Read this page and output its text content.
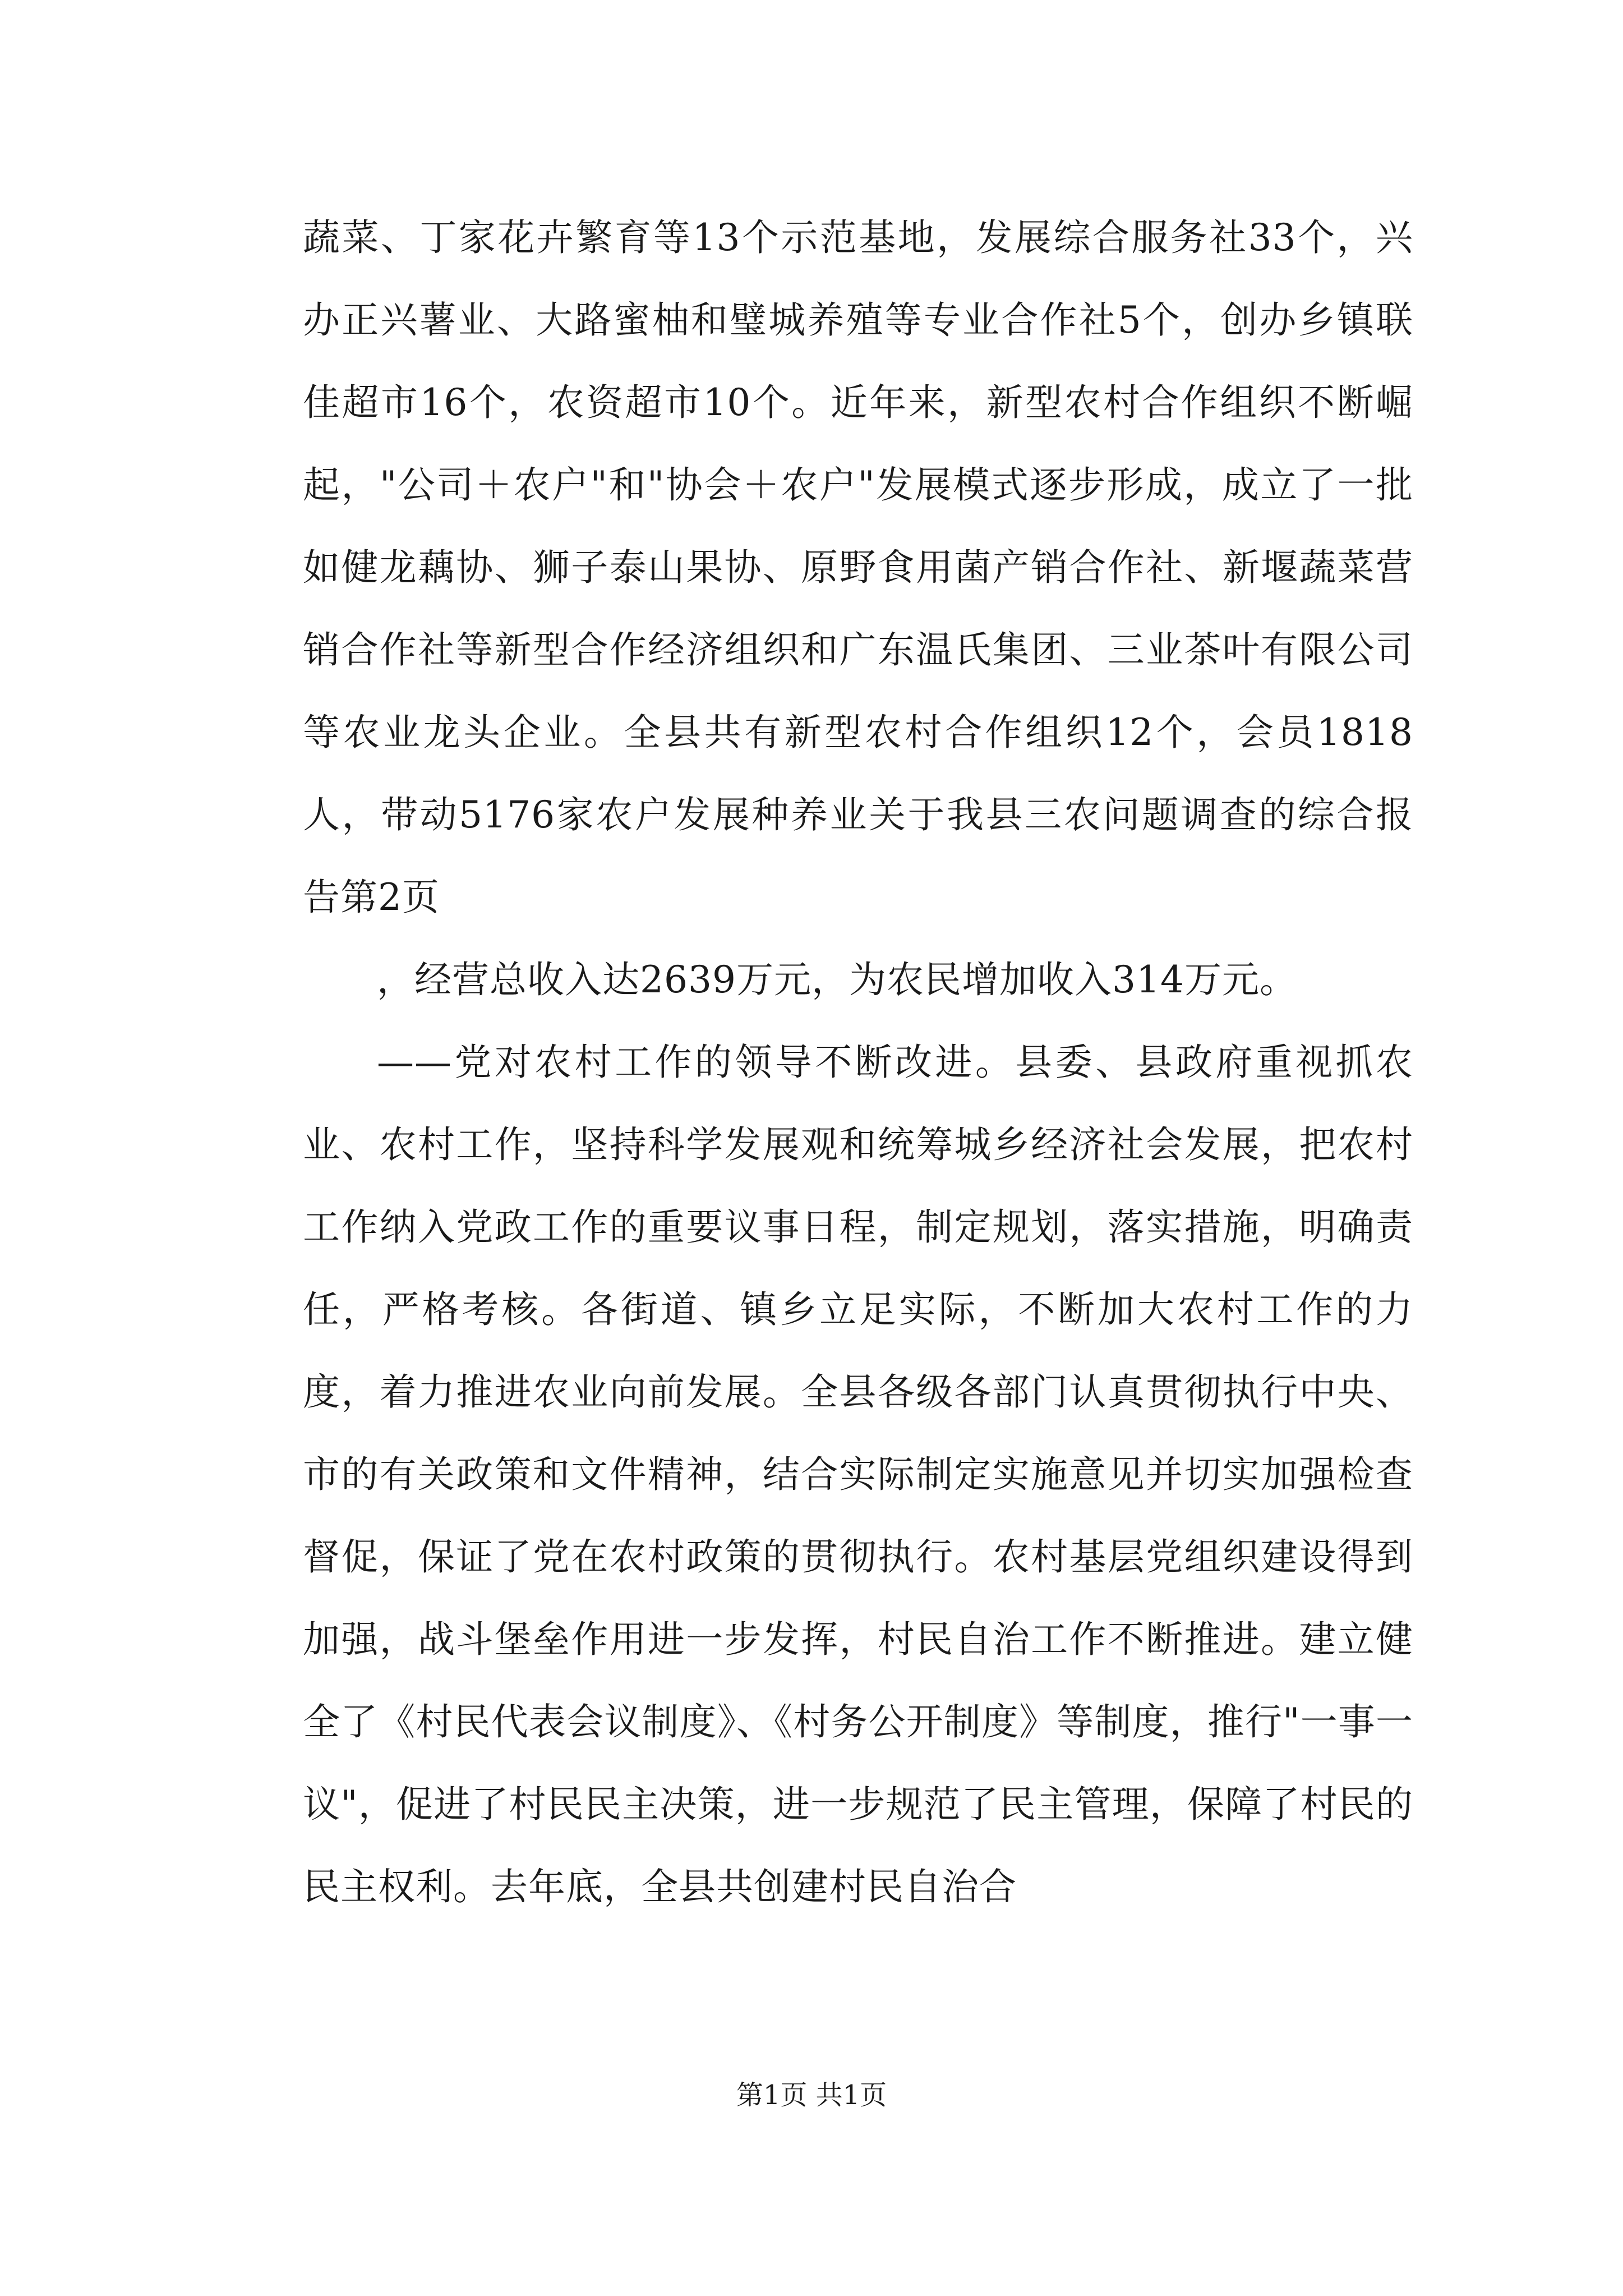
蔬菜、丁家花卉繁育等13个示范基地，发展综合服务社33个，兴办正兴薯业、大路蜜柚和璧城养殖等专业合作社5个，创办乡镇联佳超市16个，农资超市10个。近年来，新型农村合作组织不断崛起，"公司＋农户"和"协会＋农户"发展模式逐步形成，成立了一批如健龙藕协、狮子泰山果协、原野食用菌产销合作社、新堰蔬菜营销合作社等新型合作经济组织和广东温氏集团、三业茶叶有限公司等农业龙头企业。全县共有新型农村合作组织12个，会员1818人，带动5176家农户发展种养业关于我县三农问题调查的综合报告第2页

，经营总收入达2639万元，为农民增加收入314万元。

——党对农村工作的领导不断改进。县委、县政府重视抓农业、农村工作，坚持科学发展观和统筹城乡经济社会发展，把农村工作纳入党政工作的重要议事日程，制定规划，落实措施，明确责任，严格考核。各街道、镇乡立足实际，不断加大农村工作的力度，着力推进农业向前发展。全县各级各部门认真贯彻执行中央、市的有关政策和文件精神，结合实际制定实施意见并切实加强检查督促，保证了党在农村政策的贯彻执行。农村基层党组织建设得到加强，战斗堡垒作用进一步发挥，村民自治工作不断推进。建立健全了《村民代表会议制度》、《村务公开制度》等制度，推行"一事一议"，促进了村民民主决策，进一步规范了民主管理，保障了村民的民主权利。去年底，全县共创建村民自治合

第1页 共1页
